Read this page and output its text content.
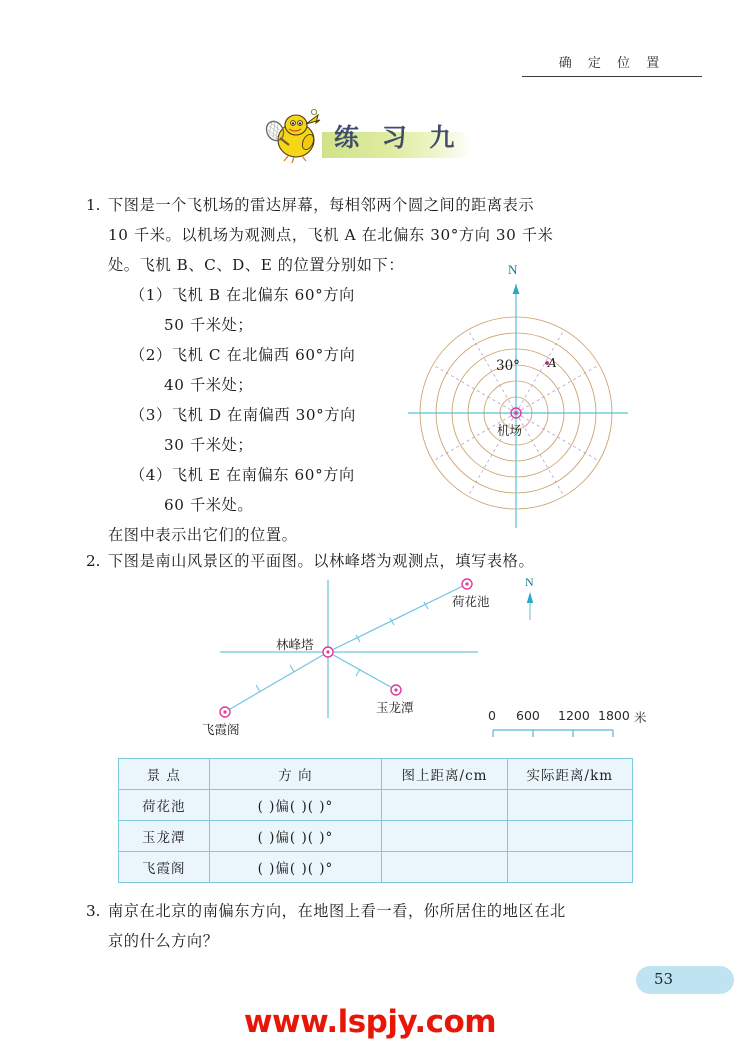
确 定 位 置
练 习 九
1. 下图是一个飞机场的雷达屏幕，每相邻两个圆之间的距离表示
10 千米。以机场为观测点，飞机 A 在北偏东 30°方向 30 千米
处。飞机 B、C、D、E 的位置分别如下：
（1）飞机 B 在北偏东 60°方向
50 千米处；
（2）飞机 C 在北偏西 60°方向
40 千米处；
（3）飞机 D 在南偏西 30°方向
30 千米处；
（4）飞机 E 在南偏东 60°方向
60 千米处。
在图中表示出它们的位置。
N
30° A
机场
2. 下图是南山风景区的平面图。以林峰塔为观测点，填写表格。
林峰塔
荷花池
玉龙潭
飞霞阁
N
0 600 1200 1800 米
景 点	方 向	图上距离/cm	实际距离/km
荷花池	( )偏( )( )°		
玉龙潭	( )偏( )( )°		
飞霞阁	( )偏( )( )°		
3. 南京在北京的南偏东方向，在地图上看一看，你所居住的地区在北
京的什么方向？
53
www.lspjy.com
